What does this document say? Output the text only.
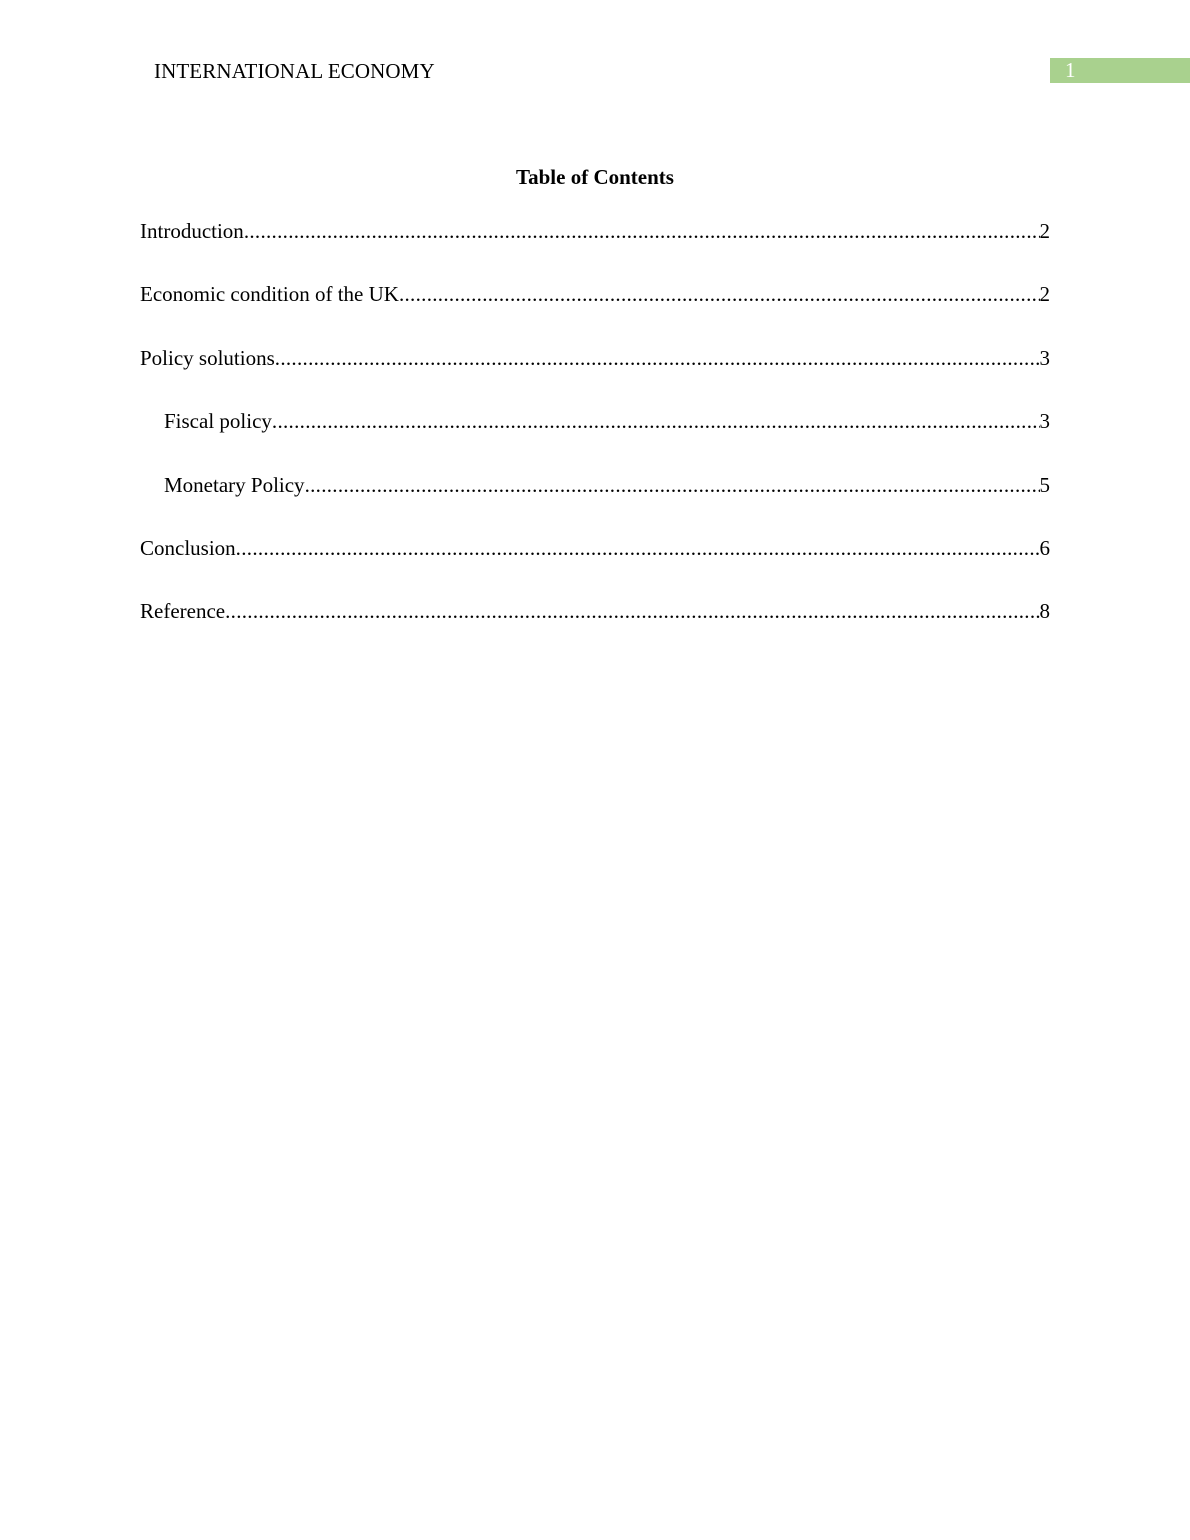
INTERNATIONAL ECONOMY	1
Table of Contents
Introduction .....	2
Economic condition of the UK .....	2
Policy solutions .....	3
Fiscal policy .....	3
Monetary Policy .....	5
Conclusion .....	6
Reference .....	8
